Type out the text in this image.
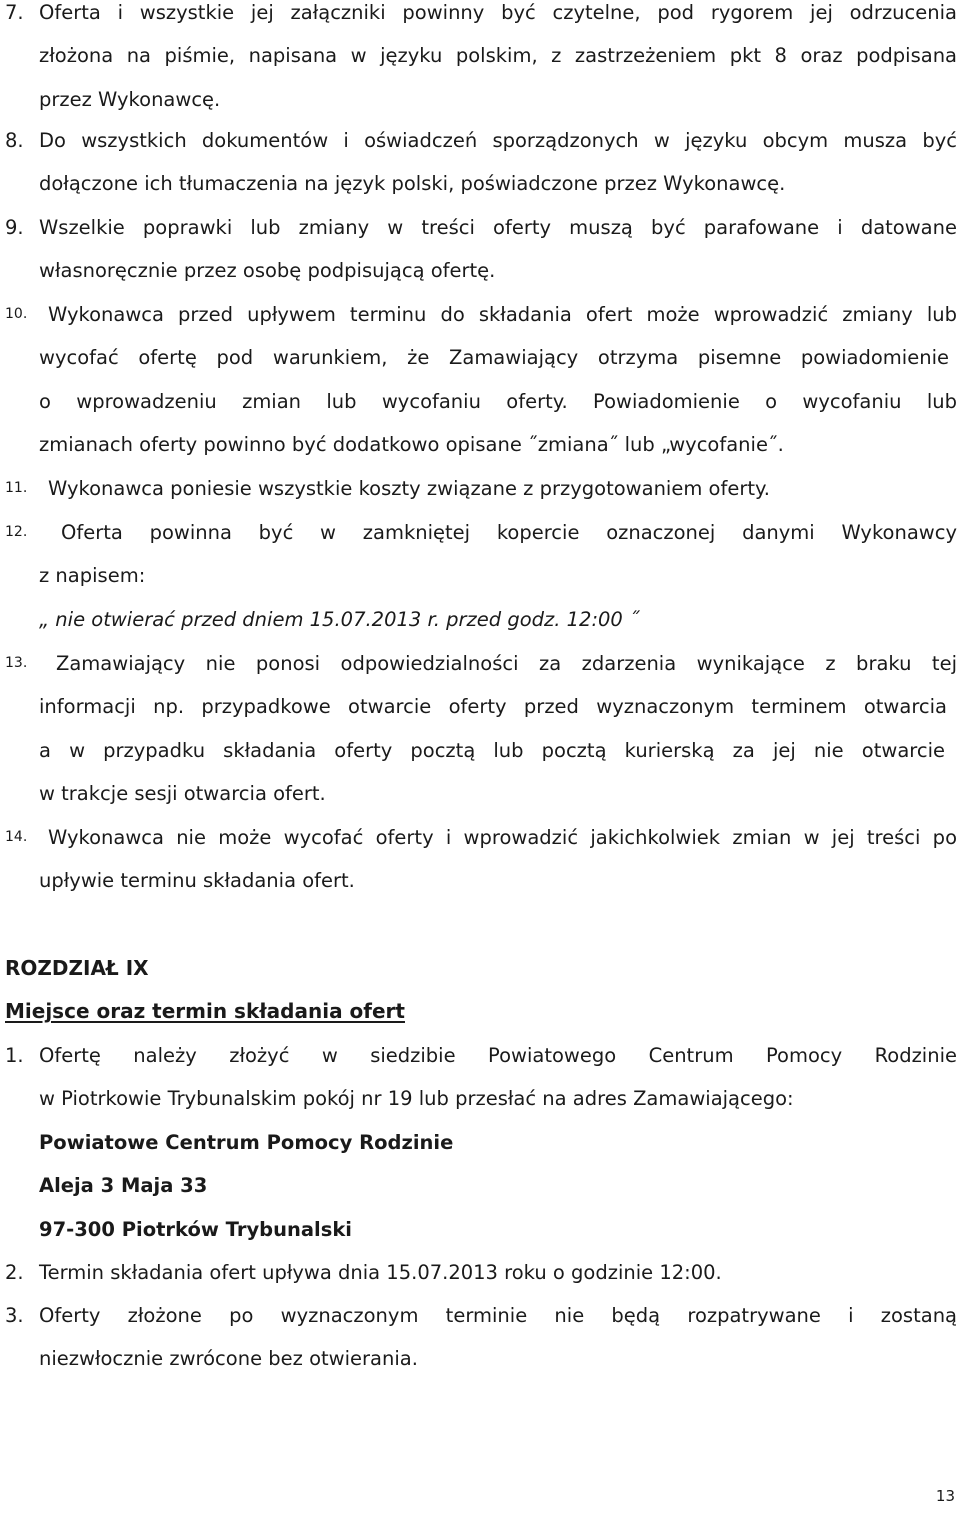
7. Oferta i wszystkie jej załączniki powinny być czytelne, pod rygorem jej odrzucenia
złożona na piśmie, napisana w języku polskim, z zastrzeżeniem pkt 8 oraz podpisana
przez Wykonawcę.
8. Do wszystkich dokumentów i oświadczeń sporządzonych w języku obcym musza być
dołączone ich tłumaczenia na język polski, poświadczone przez Wykonawcę.
9. Wszelkie poprawki lub zmiany w treści oferty muszą być parafowane i datowane
własnoręcznie przez osobę podpisującą ofertę.
10.	Wykonawca przed upływem terminu do składania ofert może wprowadzić zmiany lub
wycofać ofertę pod warunkiem, że Zamawiający otrzyma pisemne powiadomienie
o wprowadzeniu zmian lub wycofaniu oferty. Powiadomienie o wycofaniu lub
zmianach oferty powinno być dodatkowo opisane ˝zmiana˝ lub „wycofanie˝.
11.	Wykonawca poniesie wszystkie koszty związane z przygotowaniem oferty.
12.	Oferta powinna być w zamkniętej kopercie oznaczonej danymi Wykonawcy
z napisem:
„ nie otwierać przed dniem 15.07.2013 r. przed godz. 12:00 ˝
13.	Zamawiający nie ponosi odpowiedzialności za zdarzenia wynikające z braku tej
informacji np. przypadkowe otwarcie oferty przed wyznaczonym terminem otwarcia
a w przypadku składania oferty pocztą lub pocztą kurierską za jej nie otwarcie
w trakcje sesji otwarcia ofert.
14.	Wykonawca nie może wycofać oferty i wprowadzić jakichkolwiek zmian w jej treści po
upływie terminu składania ofert.
ROZDZIAŁ IX
Miejsce oraz termin składania ofert
1. Ofertę należy złożyć w siedzibie Powiatowego Centrum Pomocy Rodzinie
w Piotrkowie Trybunalskim pokój nr 19 lub przesłać na adres Zamawiającego:
Powiatowe Centrum Pomocy Rodzinie
Aleja 3 Maja 33
97-300 Piotrków Trybunalski
2. Termin składania ofert upływa dnia 15.07.2013 roku o godzinie 12:00.
3. Oferty złożone po wyznaczonym terminie nie będą rozpatrywane i zostaną
niezwłocznie zwrócone bez otwierania.
13
